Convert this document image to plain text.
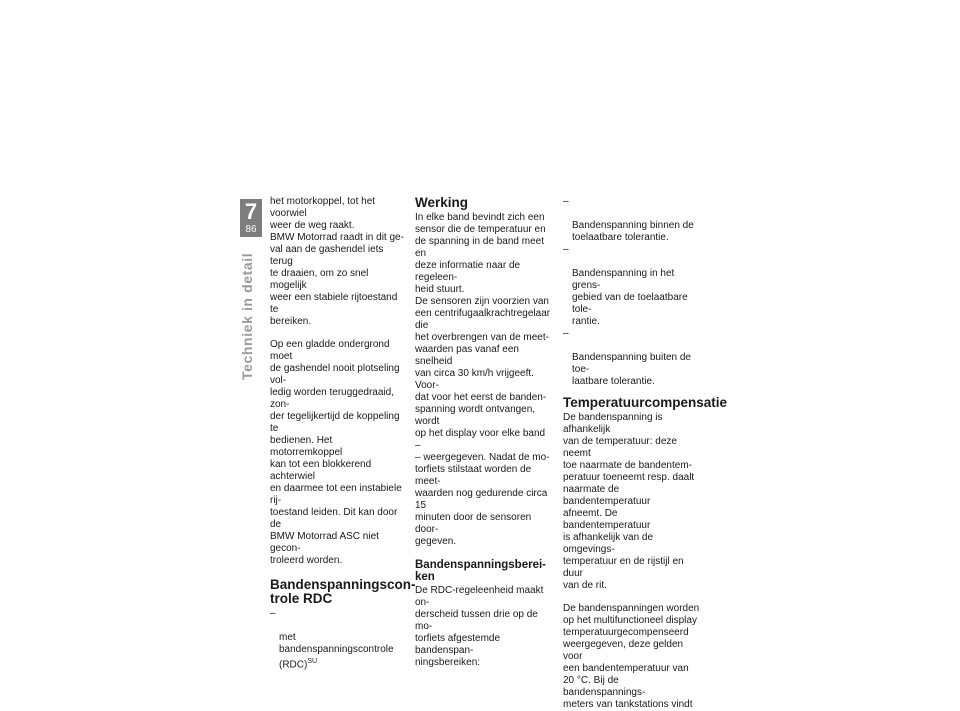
7
86
Techniek in detail

het motorkoppel, tot het voorwiel
weer de weg raakt.
BMW Motorrad raadt in dit ge-
val aan de gashendel iets terug
te draaien, om zo snel mogelijk
weer een stabiele rijtoestand te
bereiken.

Op een gladde ondergrond moet
de gashendel nooit plotseling vol-
ledig worden teruggedraaid, zon-
der tegelijkertijd de koppeling te
bedienen. Het motorremkoppel
kan tot een blokkerend achterwiel
en daarmee tot een instabiele rij-
toestand leiden. Dit kan door de
BMW Motorrad ASC niet gecon-
troleerd worden.

Bandenspanningscon-
trole RDC

–

met bandenspanningscontrole
(RDC)$^{SU}$

Werking

In elke band bevindt zich een
sensor die de temperatuur en
de spanning in de band meet en
deze informatie naar de regeleen-
heid stuurt.
De sensoren zijn voorzien van
een centrifugaalkrachtregelaar die
het overbrengen van de meet-
waarden pas vanaf een snelheid
van circa 30 km/h vrijgeeft. Voor-
dat voor het eerst de banden-
spanning wordt ontvangen, wordt
op het display voor elke band –
– weergegeven. Nadat de mo-
torfiets stilstaat worden de meet-
waarden nog gedurende circa 15
minuten door de sensoren door-
gegeven.

Bandenspanningsberei-
ken

De RDC-regeleenheid maakt on-
derscheid tussen drie op de mo-
torfiets afgestemde bandenspan-
ningsbereiken:

–

Bandenspanning binnen de
toelaatbare tolerantie.

–

Bandenspanning in het grens-
gebied van de toelaatbare tole-
rantie.

–

Bandenspanning buiten de toe-
laatbare tolerantie.

Temperatuurcompensatie

De bandenspanning is afhankelijk
van de temperatuur: deze neemt
toe naarmate de bandentem-
peratuur toeneemt resp. daalt
naarmate de bandentemperatuur
afneemt. De bandentemperatuur
is afhankelijk van de omgevings-
temperatuur en de rijstijl en duur
van de rit.

De bandenspanningen worden
op het multifunctioneel display
temperatuurgecompenseerd
weergegeven, deze gelden voor
een bandentemperatuur van
20 °C. Bij de bandenspannings-
meters van tankstations vindt
